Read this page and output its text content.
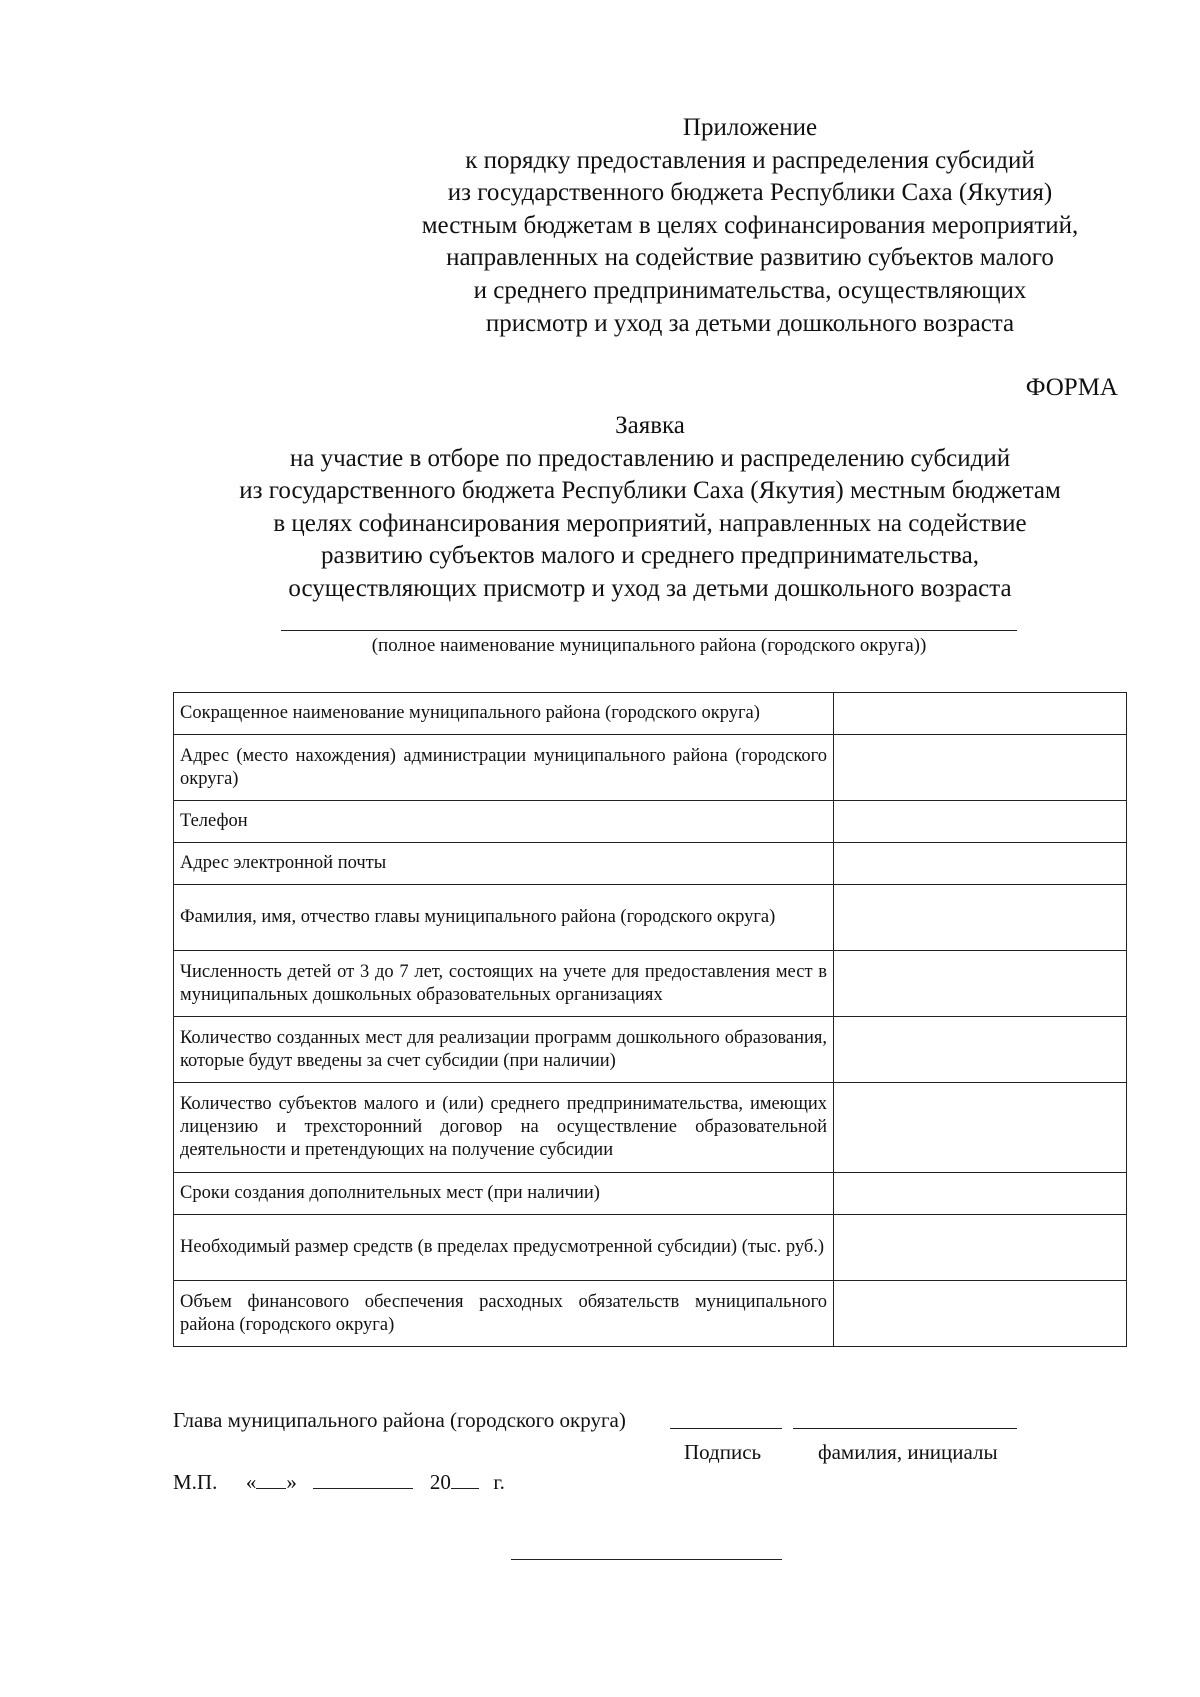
Приложение
к порядку предоставления и распределения субсидий
из государственного бюджета Республики Саха (Якутия)
местным бюджетам в целях софинансирования мероприятий,
направленных на содействие развитию субъектов малого
и среднего предпринимательства, осуществляющих
присмотр и уход за детьми дошкольного возраста
ФОРМА
Заявка
на участие в отборе по предоставлению и распределению субсидий
из государственного бюджета Республики Саха (Якутия) местным бюджетам
в целях софинансирования мероприятий, направленных на содействие
развитию субъектов малого и среднего предпринимательства,
осуществляющих присмотр и уход за детьми дошкольного возраста
(полное наименование муниципального района (городского округа))
Сокращенное наименование муниципального района (городского округа)	
Адрес (место нахождения) администрации муниципального района (городского округа)	
Телефон	
Адрес электронной почты	
Фамилия, имя, отчество главы муниципального района (городского округа)	
Численность детей от 3 до 7 лет, состоящих на учете для предоставления мест в муниципальных дошкольных образовательных организациях	
Количество созданных мест для реализации программ дошкольного образования, которые будут введены за счет субсидии (при наличии)	
Количество субъектов малого и (или) среднего предпринимательства, имеющих лицензию и трехсторонний договор на осуществление образовательной деятельности и претендующих на получение субсидии	
Сроки создания дополнительных мест (при наличии)	
Необходимый размер средств (в пределах предусмотренной субсидии) (тыс. руб.)	
Объем финансового обеспечения расходных обязательств муниципального района (городского округа)	
Глава муниципального района (городского округа)
Подпись	фамилия, инициалы
М.П. « »	20 г.
